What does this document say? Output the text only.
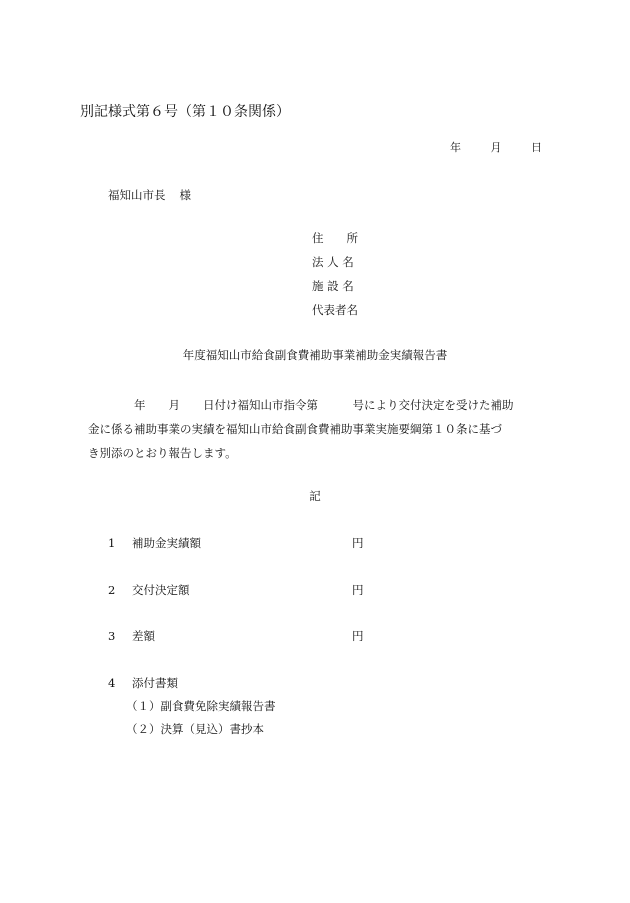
別記様式第６号（第１０条関係）
年　　	月　　	日
福知山市長 様
住　　所
法 人 名
施 設 名
代表者名
年度福知山市給食副食費補助事業補助金実績報告書

年　　月　　日付け福知山市指令第　　　号により交付決定を受けた補助

金に係る補助事業の実績を福知山市給食副食費補助事業実施要綱第１０条に基づ

き別添のとおり報告します。

記
1 補助金実績額	円
2 交付決定額	円
3 差額	円
4 添付書類
（１）副食費免除実績報告書
（２）決算（見込）書抄本
